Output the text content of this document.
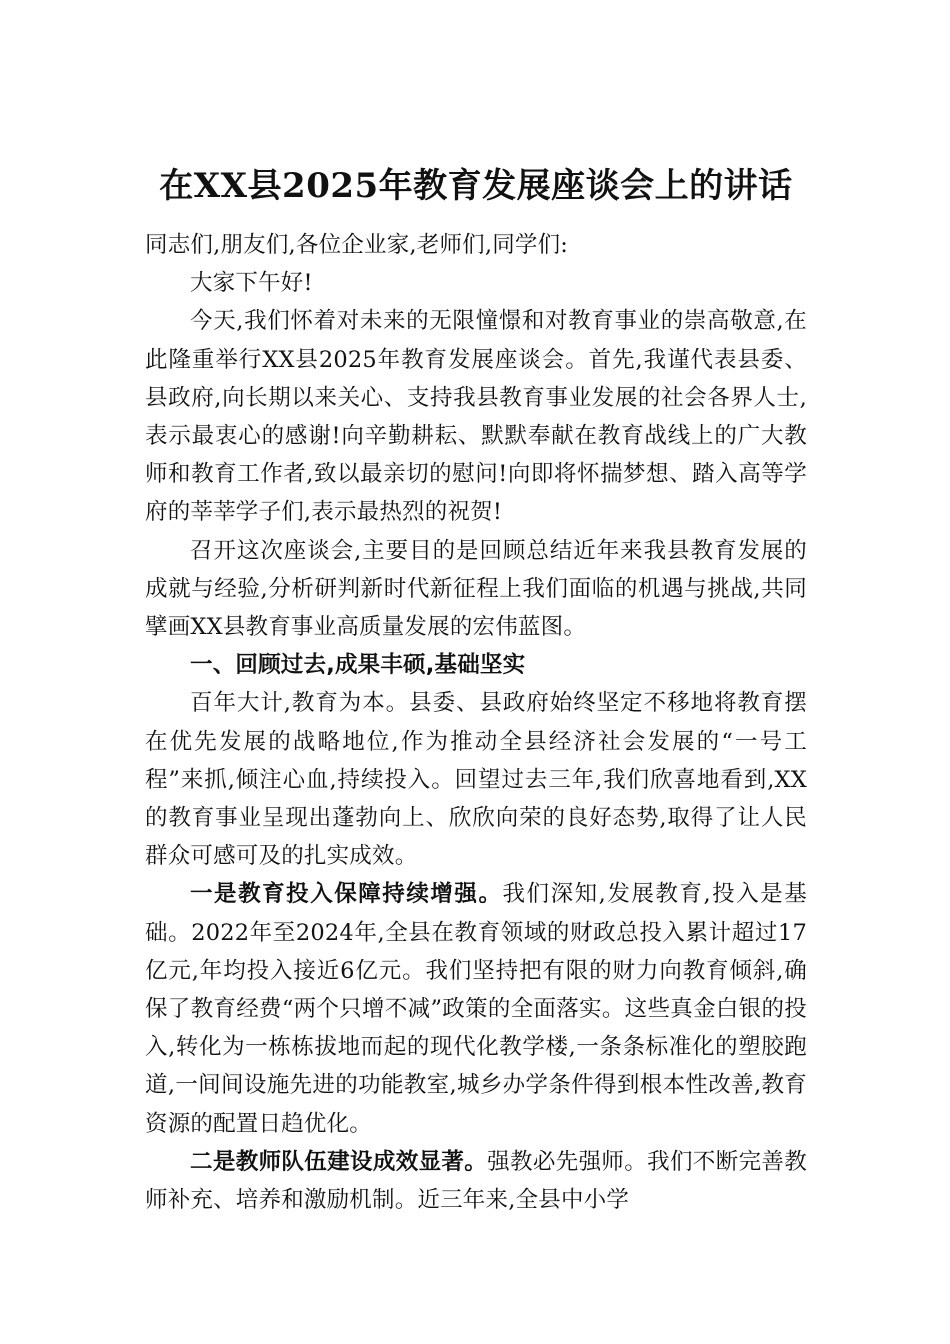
在XX县2025年教育发展座谈会上的讲话

同志们,朋友们,各位企业家,老师们,同学们:

大家下午好!

今天,我们怀着对未来的无限憧憬和对教育事业的崇高敬意,在此隆重举行XX县2025年教育发展座谈会。首先,我谨代表县委、县政府,向长期以来关心、支持我县教育事业发展的社会各界人士,表示最衷心的感谢!向辛勤耕耘、默默奉献在教育战线上的广大教师和教育工作者,致以最亲切的慰问!向即将怀揣梦想、踏入高等学府的莘莘学子们,表示最热烈的祝贺!

召开这次座谈会,主要目的是回顾总结近年来我县教育发展的成就与经验,分析研判新时代新征程上我们面临的机遇与挑战,共同擘画XX县教育事业高质量发展的宏伟蓝图。

一、回顾过去,成果丰硕,基础坚实

百年大计,教育为本。县委、县政府始终坚定不移地将教育摆在优先发展的战略地位,作为推动全县经济社会发展的“一号工程”来抓,倾注心血,持续投入。回望过去三年,我们欣喜地看到,XX的教育事业呈现出蓬勃向上、欣欣向荣的良好态势,取得了让人民群众可感可及的扎实成效。

一是教育投入保障持续增强。我们深知,发展教育,投入是基础。2022年至2024年,全县在教育领域的财政总投入累计超过17亿元,年均投入接近6亿元。我们坚持把有限的财力向教育倾斜,确保了教育经费“两个只增不减”政策的全面落实。这些真金白银的投入,转化为一栋栋拔地而起的现代化教学楼,一条条标准化的塑胶跑道,一间间设施先进的功能教室,城乡办学条件得到根本性改善,教育资源的配置日趋优化。

二是教师队伍建设成效显著。强教必先强师。我们不断完善教师补充、培养和激励机制。近三年来,全县中小学
